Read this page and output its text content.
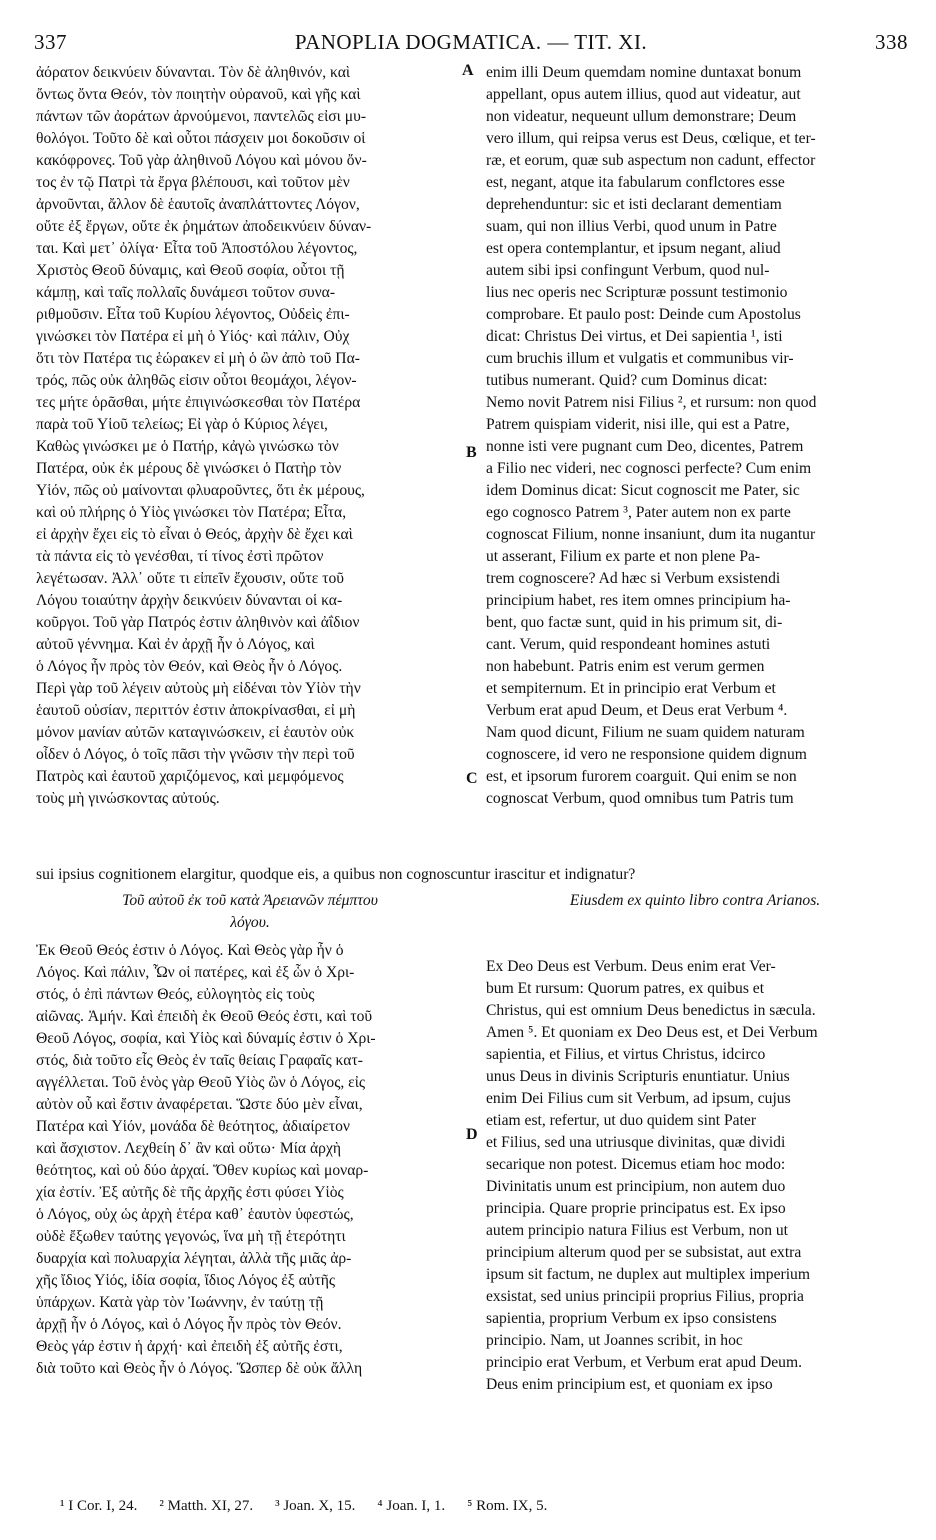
337	PANOPLIA DOGMATICA. — TIT. XI.	338
A
B
C
D
ἀόρατον δεικνύειν δύνανται. Τὸν δὲ ἀληθινόν, καὶ
ὄντως ὄντα Θεόν, τὸν ποιητὴν οὐρανοῦ, καὶ γῆς καὶ
πάντων τῶν ἀοράτων ἀρνούμενοι, παντελῶς εἰσι μυ-
θολόγοι. Τοῦτο δὲ καὶ οὗτοι πάσχειν μοι δοκοῦσιν οἱ
κακόφρονες. Τοῦ γὰρ ἀληθινοῦ Λόγου καὶ μόνου ὄν-
τος ἐν τῷ Πατρὶ τὰ ἔργα βλέπουσι, καὶ τοῦτον μὲν
ἀρνοῦνται, ἄλλον δὲ ἑαυτοῖς ἀναπλάττοντες Λόγον,
οὔτε ἐξ ἔργων, οὔτε ἐκ ῥημάτων ἀποδεικνύειν δύναν-
ται. Καὶ μετ᾽ ὀλίγα· Εἶτα τοῦ Ἀποστόλου λέγοντος,
Χριστὸς Θεοῦ δύναμις, καὶ Θεοῦ σοφία, οὗτοι τῇ
κάμπῃ, καὶ ταῖς πολλαῖς δυνάμεσι τοῦτον συνα-
ριθμοῦσιν. Εἶτα τοῦ Κυρίου λέγοντος, Οὐδεὶς ἐπι-
γινώσκει τὸν Πατέρα εἰ μὴ ὁ Υἱός· καὶ πάλιν, Οὐχ
ὅτι τὸν Πατέρα τις ἑώρακεν εἰ μὴ ὁ ὢν ἀπὸ τοῦ Πα-
τρός, πῶς οὐκ ἀληθῶς εἰσιν οὗτοι θεομάχοι, λέγον-
τες μήτε ὁρᾶσθαι, μήτε ἐπιγινώσκεσθαι τὸν Πατέρα
παρὰ τοῦ Υἱοῦ τελείως; Εἰ γὰρ ὁ Κύριος λέγει,
Καθὼς γινώσκει με ὁ Πατήρ, κἀγὼ γινώσκω τὸν
Πατέρα, οὐκ ἐκ μέρους δὲ γινώσκει ὁ Πατὴρ τὸν
Υἱόν, πῶς οὐ μαίνονται φλυαροῦντες, ὅτι ἐκ μέρους,
καὶ οὐ πλήρης ὁ Υἱὸς γινώσκει τὸν Πατέρα; Εἶτα,
εἰ ἀρχὴν ἔχει εἰς τὸ εἶναι ὁ Θεός, ἀρχὴν δὲ ἔχει καὶ
τὰ πάντα εἰς τὸ γενέσθαι, τί τίνος ἐστὶ πρῶτον
λεγέτωσαν. Ἀλλ᾽ οὔτε τι εἰπεῖν ἔχουσιν, οὔτε τοῦ
Λόγου τοιαύτην ἀρχὴν δεικνύειν δύνανται οἱ κα-
κοῦργοι. Τοῦ γὰρ Πατρός ἐστιν ἀληθινὸν καὶ ἀΐδιον
αὐτοῦ γέννημα. Καὶ ἐν ἀρχῇ ἦν ὁ Λόγος, καὶ
ὁ Λόγος ἦν πρὸς τὸν Θεόν, καὶ Θεὸς ἦν ὁ Λόγος.
Περὶ γὰρ τοῦ λέγειν αὐτοὺς μὴ εἰδέναι τὸν Υἱὸν τὴν
ἑαυτοῦ οὐσίαν, περιττόν ἐστιν ἀποκρίνασθαι, εἰ μὴ
μόνον μανίαν αὐτῶν καταγινώσκειν, εἰ ἑαυτὸν οὐκ
οἶδεν ὁ Λόγος, ὁ τοῖς πᾶσι τὴν γνῶσιν τὴν περὶ τοῦ
Πατρὸς καὶ ἑαυτοῦ χαριζόμενος, καὶ μεμφόμενος
τοὺς μὴ γινώσκοντας αὐτούς.
enim illi Deum quemdam nomine duntaxat bonum
appellant, opus autem illius, quod aut videatur, aut
non videatur, nequeunt ullum demonstrare; Deum
vero illum, qui reipsa verus est Deus, cœlique, et ter-
ræ, et eorum, quæ sub aspectum non cadunt, effector
est, negant, atque ita fabularum conflctores esse
deprehenduntur: sic et isti declarant dementiam
suam, qui non illius Verbi, quod unum in Patre
est opera contemplantur, et ipsum negant, aliud
autem sibi ipsi confingunt Verbum, quod nul-
lius nec operis nec Scripturæ possunt testimonio
comprobare. Et paulo post: Deinde cum Apostolus
dicat: Christus Dei virtus, et Dei sapientia ¹, isti
cum bruchis illum et vulgatis et communibus vir-
tutibus numerant. Quid? cum Dominus dicat:
Nemo novit Patrem nisi Filius ², et rursum: non quod
Patrem quispiam viderit, nisi ille, qui est a Patre,
nonne isti vere pugnant cum Deo, dicentes, Patrem
a Filio nec videri, nec cognosci perfecte? Cum enim
idem Dominus dicat: Sicut cognoscit me Pater, sic
ego cognosco Patrem ³, Pater autem non ex parte
cognoscat Filium, nonne insaniunt, dum ita nugantur
ut asserant, Filium ex parte et non plene Pa-
trem cognoscere? Ad hæc si Verbum exsistendi
principium habet, res item omnes principium ha-
bent, quo factæ sunt, quid in his primum sit, di-
cant. Verum, quid respondeant homines astuti
non habebunt. Patris enim est verum germen
et sempiternum. Et in principio erat Verbum et
Verbum erat apud Deum, et Deus erat Verbum ⁴.
Nam quod dicunt, Filium ne suam quidem naturam
cognoscere, id vero ne responsione quidem dignum
est, et ipsorum furorem coarguit. Qui enim se non
cognoscat Verbum, quod omnibus tum Patris tum
sui ipsius cognitionem elargitur, quodque eis, a quibus non cognoscuntur irascitur et indignatur?
Τοῦ αὐτοῦ ἐκ τοῦ κατὰ Ἀρειανῶν πέμπτου
λόγου.
Eiusdem ex quinto libro contra Arianos.
Ἐκ Θεοῦ Θεός ἐστιν ὁ Λόγος. Καὶ Θεὸς γὰρ ἦν ὁ
Λόγος. Καὶ πάλιν, Ὧν οἱ πατέρες, καὶ ἐξ ὧν ὁ Χρι-
στός, ὁ ἐπὶ πάντων Θεός, εὐλογητὸς εἰς τοὺς
αἰῶνας. Ἀμήν. Καὶ ἐπειδὴ ἐκ Θεοῦ Θεός ἐστι, καὶ τοῦ
Θεοῦ Λόγος, σοφία, καὶ Υἱὸς καὶ δύναμίς ἐστιν ὁ Χρι-
στός, διὰ τοῦτο εἷς Θεὸς ἐν ταῖς θείαις Γραφαῖς κατ-
αγγέλλεται. Τοῦ ἑνὸς γὰρ Θεοῦ Υἱὸς ὢν ὁ Λόγος, εἰς
αὐτὸν οὗ καὶ ἔστιν ἀναφέρεται. Ὥστε δύο μὲν εἶναι,
Πατέρα καὶ Υἱόν, μονάδα δὲ θεότητος, ἀδιαίρετον
καὶ ἄσχιστον. Λεχθείη δ᾽ ἂν καὶ οὕτω· Μία ἀρχὴ
θεότητος, καὶ οὐ δύο ἀρχαί. Ὅθεν κυρίως καὶ μοναρ-
χία ἐστίν. Ἐξ αὐτῆς δὲ τῆς ἀρχῆς ἐστι φύσει Υἱὸς
ὁ Λόγος, οὐχ ὡς ἀρχὴ ἑτέρα καθ᾽ ἑαυτὸν ὑφεστώς,
οὐδὲ ἔξωθεν ταύτης γεγονώς, ἵνα μὴ τῇ ἑτερότητι
δυαρχία καὶ πολυαρχία λέγηται, ἀλλὰ τῆς μιᾶς ἀρ-
χῆς ἴδιος Υἱός, ἰδία σοφία, ἴδιος Λόγος ἐξ αὐτῆς
ὑπάρχων. Κατὰ γὰρ τὸν Ἰωάννην, ἐν ταύτῃ τῇ
ἀρχῇ ἦν ὁ Λόγος, καὶ ὁ Λόγος ἦν πρὸς τὸν Θεόν.
Θεὸς γάρ ἐστιν ἡ ἀρχή· καὶ ἐπειδὴ ἐξ αὐτῆς ἐστι,
διὰ τοῦτο καὶ Θεὸς ἦν ὁ Λόγος. Ὥσπερ δὲ οὐκ ἄλλη
Ex Deo Deus est Verbum. Deus enim erat Ver-
bum Et rursum: Quorum patres, ex quibus et
Christus, qui est omnium Deus benedictus in sæcula.
Amen ⁵. Et quoniam ex Deo Deus est, et Dei Verbum
sapientia, et Filius, et virtus Christus, idcirco
unus Deus in divinis Scripturis enuntiatur. Unius
enim Dei Filius cum sit Verbum, ad ipsum, cujus
etiam est, refertur, ut duo quidem sint Pater
et Filius, sed una utriusque divinitas, quæ dividi
secarique non potest. Dicemus etiam hoc modo:
Divinitatis unum est principium, non autem duo
principia. Quare proprie principatus est. Ex ipso
autem principio natura Filius est Verbum, non ut
principium alterum quod per se subsistat, aut extra
ipsum sit factum, ne duplex aut multiplex imperium
exsistat, sed unius principii proprius Filius, propria
sapientia, proprium Verbum ex ipso consistens
principio. Nam, ut Joannes scribit, in hoc
principio erat Verbum, et Verbum erat apud Deum.
Deus enim principium est, et quoniam ex ipso
¹ I Cor. I, 24. ² Matth. XI, 27. ³ Joan. X, 15. ⁴ Joan. I, 1. ⁵ Rom. IX, 5.
